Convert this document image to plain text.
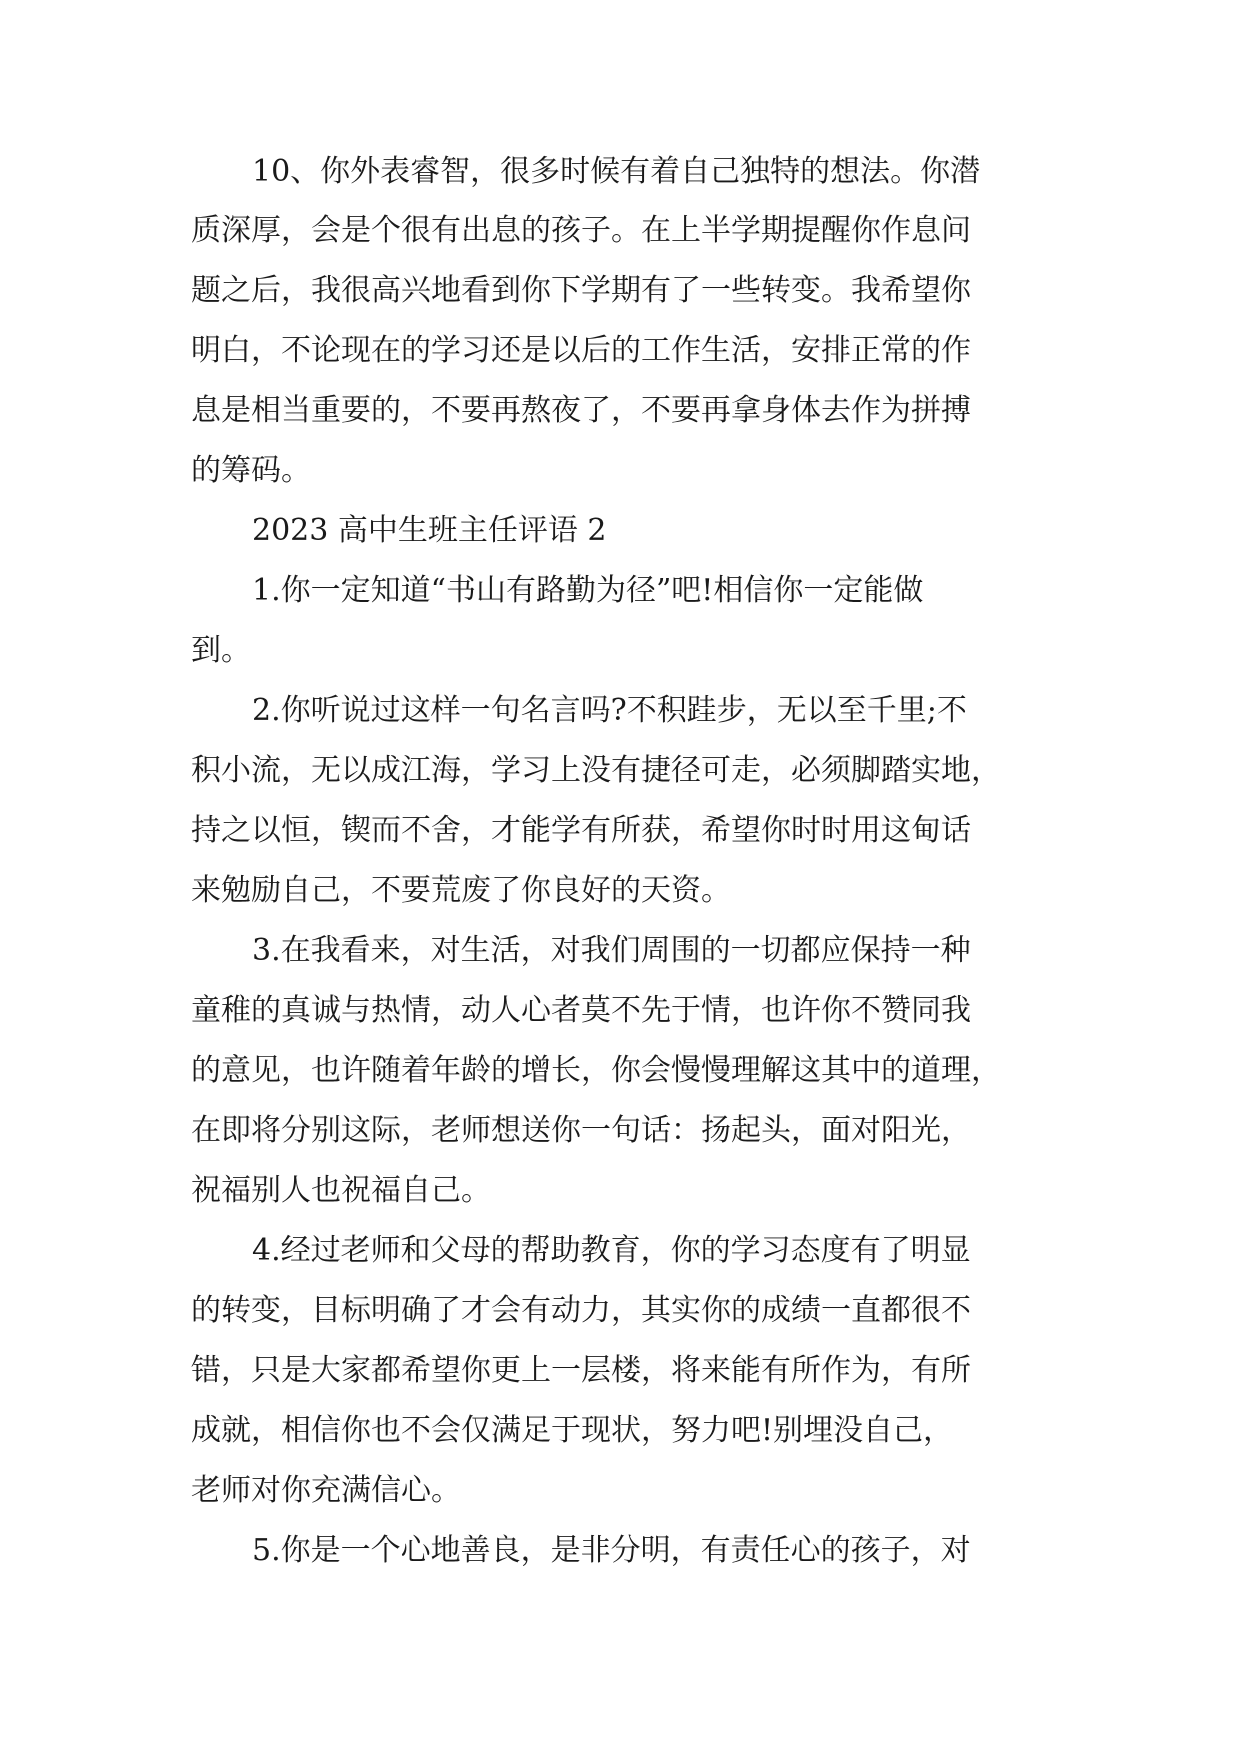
10、你外表睿智，很多时候有着自己独特的想法。你潜
质深厚，会是个很有出息的孩子。在上半学期提醒你作息问
题之后，我很高兴地看到你下学期有了一些转变。我希望你
明白，不论现在的学习还是以后的工作生活，安排正常的作
息是相当重要的，不要再熬夜了，不要再拿身体去作为拼搏
的筹码。
2023 高中生班主任评语 2
1.你一定知道“书山有路勤为径”吧!相信你一定能做
到。
2.你听说过这样一句名言吗?不积跬步，无以至千里;不
积小流，无以成江海，学习上没有捷径可走，必须脚踏实地，
持之以恒，锲而不舍，才能学有所获，希望你时时用这甸话
来勉励自己，不要荒废了你良好的天资。
3.在我看来，对生活，对我们周围的一切都应保持一种
童稚的真诚与热情，动人心者莫不先于情，也许你不赞同我
的意见，也许随着年龄的增长，你会慢慢理解这其中的道理，
在即将分别这际，老师想送你一句话：扬起头，面对阳光，
祝福别人也祝福自己。
4.经过老师和父母的帮助教育，你的学习态度有了明显
的转变，目标明确了才会有动力，其实你的成绩一直都很不
错，只是大家都希望你更上一层楼，将来能有所作为，有所
成就，相信你也不会仅满足于现状，努力吧!别埋没自己，
老师对你充满信心。
5.你是一个心地善良，是非分明，有责任心的孩子，对
